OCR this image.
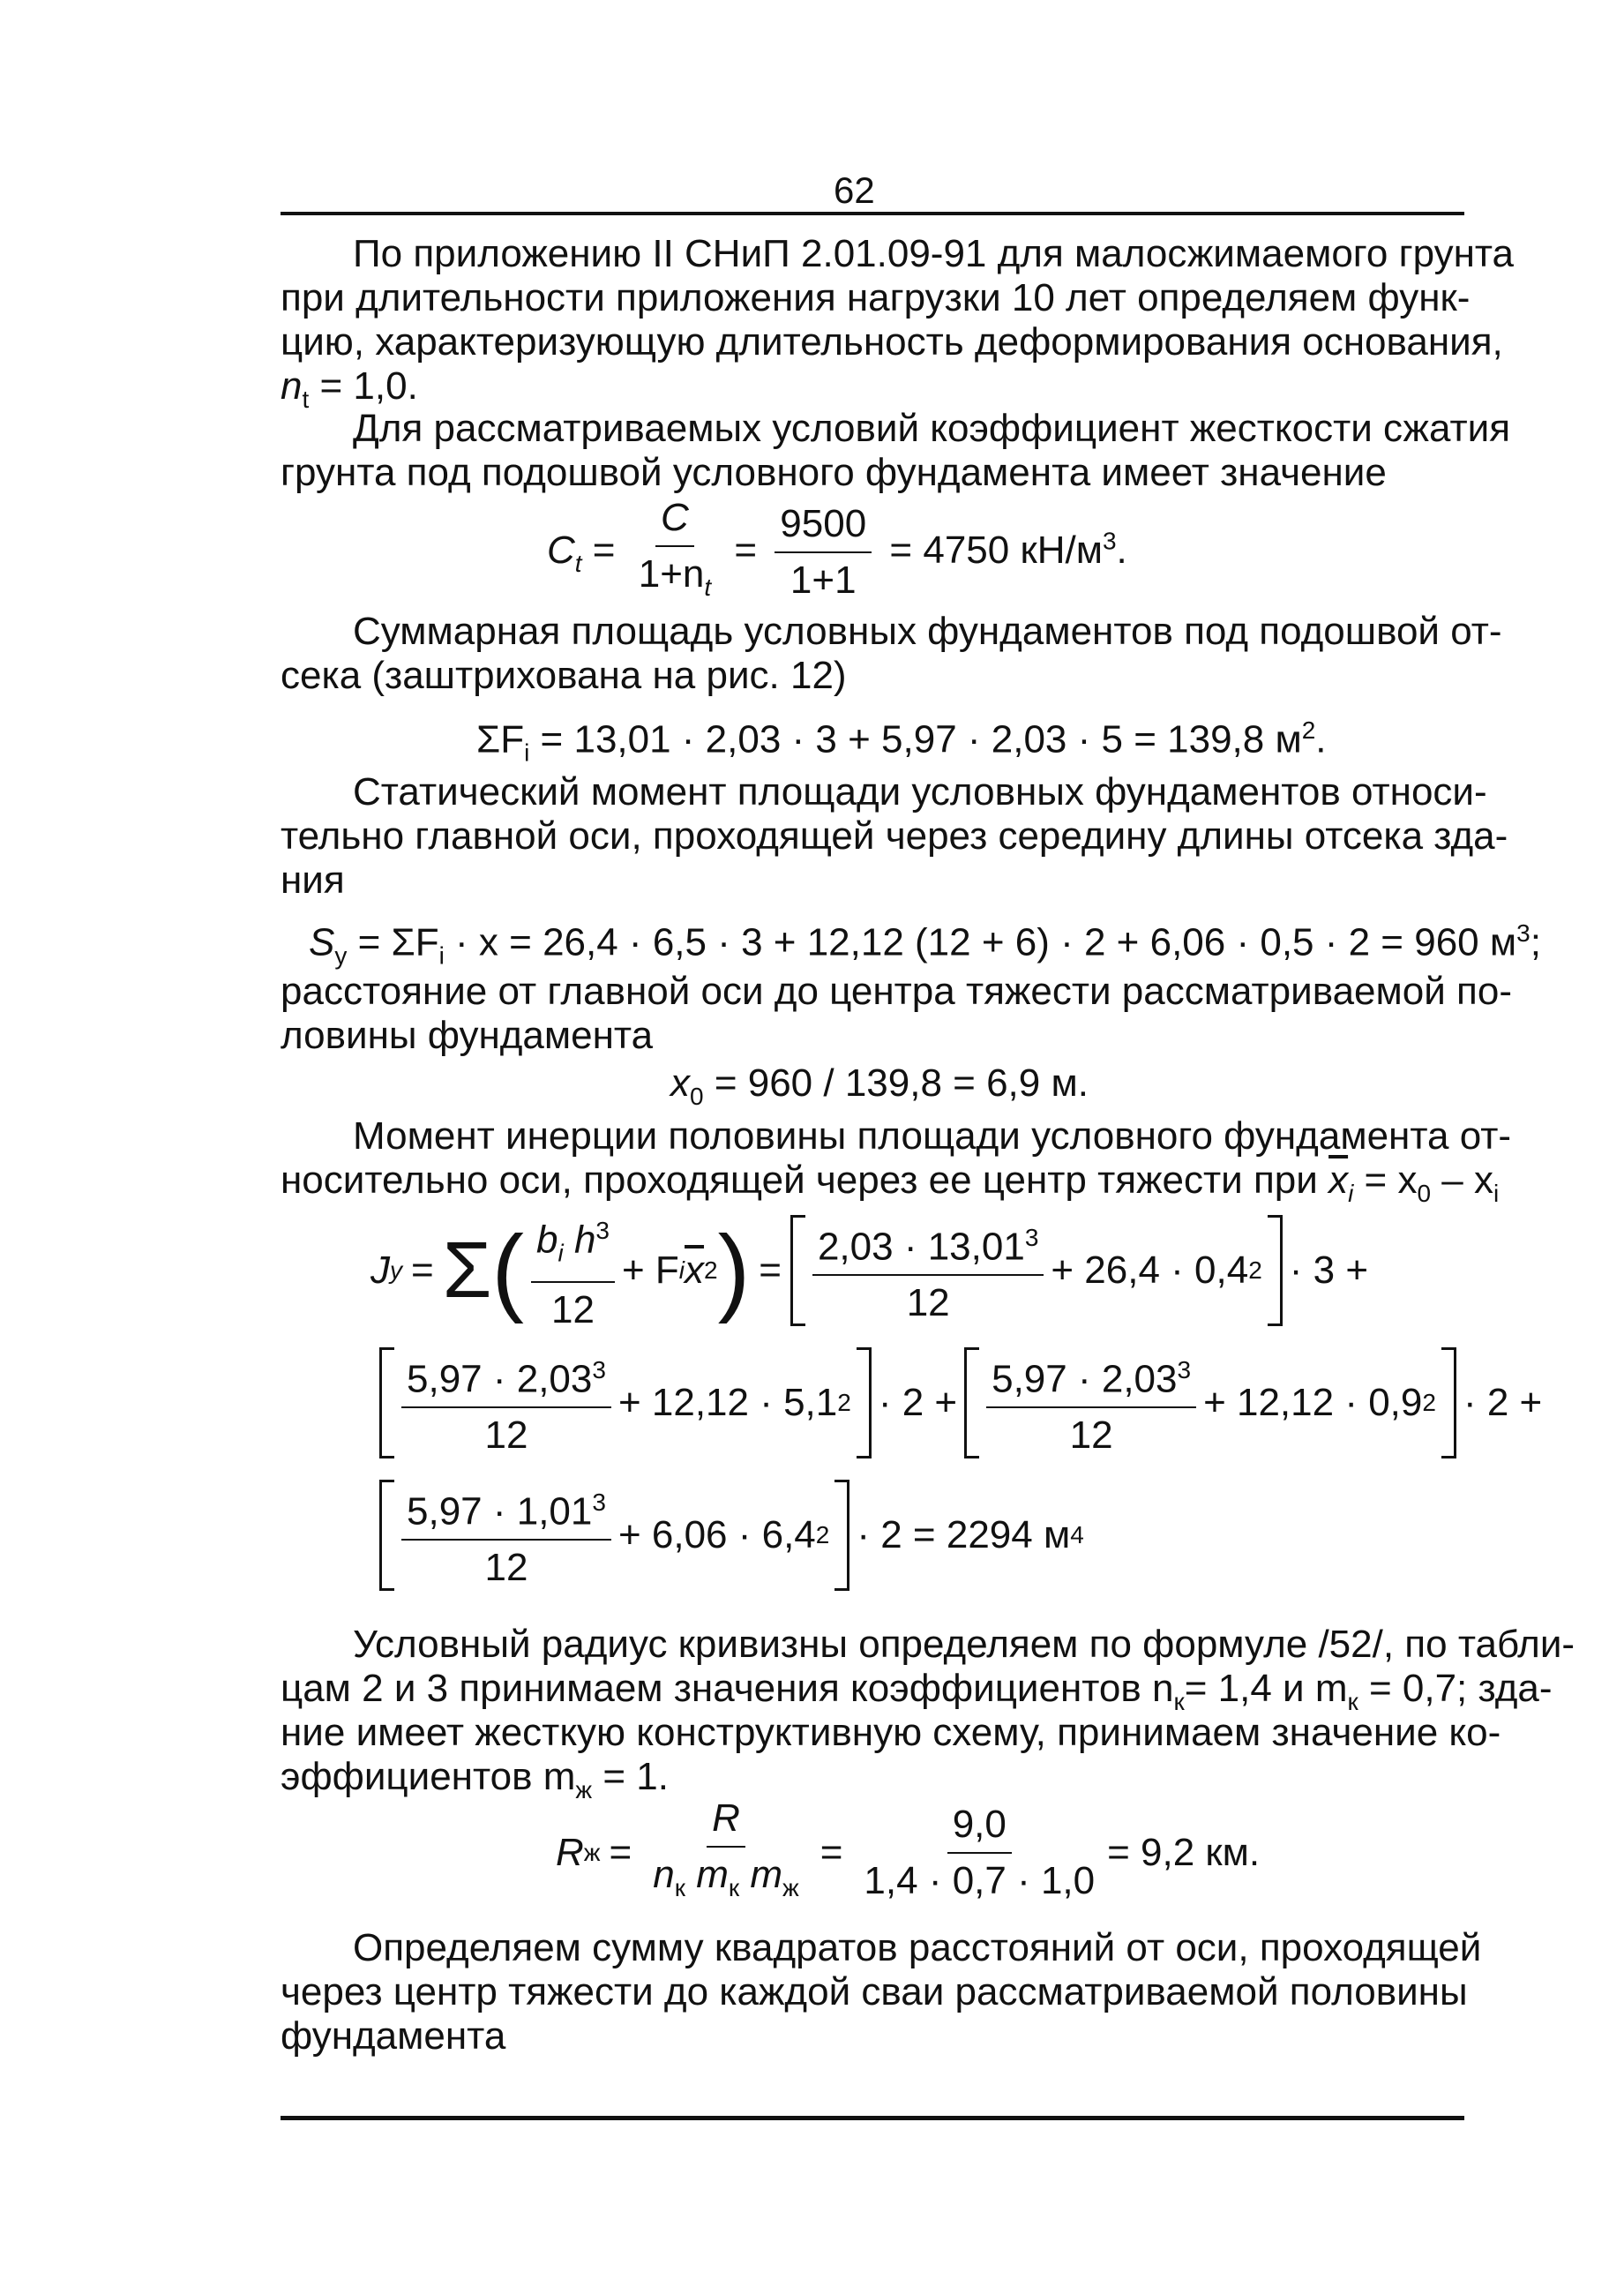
62
По приложению II СНиП 2.01.09-91 для малосжимаемого грунта
при длительности приложения нагрузки 10 лет определяем функ-
цию, характеризующую длительность деформирования основания,
$n_t = 1,0$.
Для рассматриваемых условий коэффициент жесткости сжатия
грунта под подошвой условного фундамента имеет значение
$C_t = \frac{C}{1+n_t} = \frac{9500}{1+1} = 4750$ $кН/м^3$.
Суммарная площадь условных фундаментов под подошвой от-
сека (заштрихована на рис. 12)
$\Sigma F_i = 13,01 \cdot 2,03 \cdot 3 + 5,97 \cdot 2,03 \cdot 5 = 139,8$ $м^2$.
Статический момент площади условных фундаментов относи-
тельно главной оси, проходящей через середину длины отсека зда-
ния
$S_y = \Sigma F_i \cdot x = 26,4 \cdot 6,5 \cdot 3 + 12,12$ (12 + 6) · 2 + 6,06 · 0,5 · 2 = 960 $м^3$;
расстояние от главной оси до центра тяжести рассматриваемой по-
ловины фундамента
$x_0 = 960 / 139,8 = 6,9$ м.
Момент инерции половины площади условного фундамента от-
носительно оси, проходящей через ее центр тяжести при $\overline{x}_i = x_0 - x_i$
J y = Σ ( $\frac{b_i h^3}{12} + F$ i $\overline{x}$ 2 ) = $\frac{2,03 \cdot 13,01^3}{12} + 26,4 \cdot 0,4$ 2 · 3 +
$\frac{5,97 \cdot 2,03^3}{12} + 12,12 \cdot 5,1$ $2 \cdot 2 + \frac{5,97 \cdot 2,03^3}{12} + 12,12 \cdot 0,9$ 2 · 2 +
$\frac{5,97 \cdot 1,01^3}{12} + 6,06 \cdot 6,4$ 2 · 2 = 2294 м 4
Условный радиус кривизны определяем по формуле /52/, по табли-
цам 2 и 3 принимаем значения коэффициентов $n_к = 1,4$ и $m_к = 0,7$; зда-
ние имеет жесткую конструктивную схему, принимаем значение ко-
эффициентов $m_ж = 1$.
R $ж = \frac{R}{n_к m_к m_ж} = \frac{9,0}{1,4 \cdot 0,7 \cdot 1,0} = 9,2$ км.
Определяем сумму квадратов расстояний от оси, проходящей
через центр тяжести до каждой сваи рассматриваемой половины
фундамента
